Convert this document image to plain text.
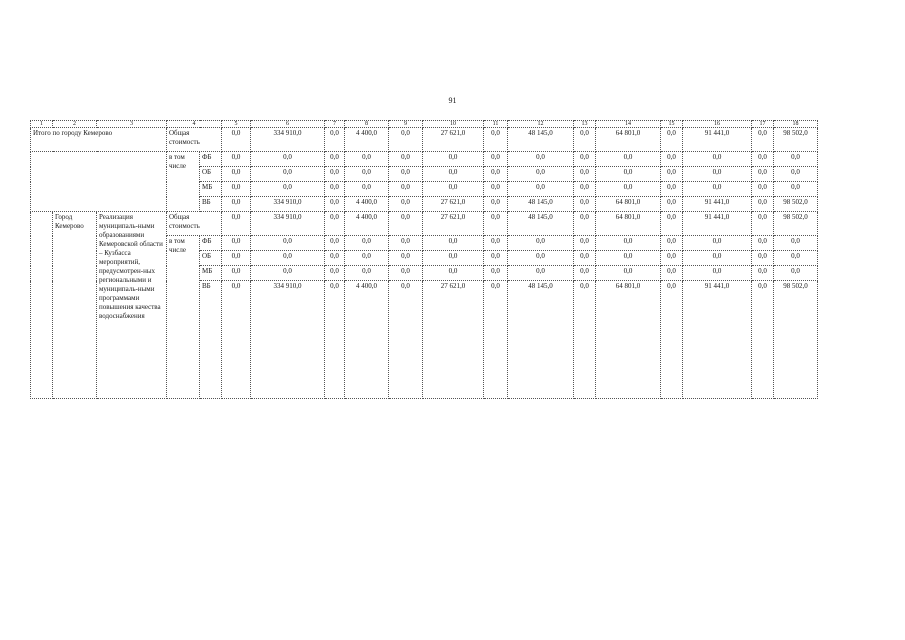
91
1	2	3	4		5	6	7	8	9	10	11	12	13	14	15	16	17	18
Итого по городу Кемерово			Общая стоимость		0,0	334 910,0	0,0	4 400,0	0,0	27 621,0	0,0	48 145,0	0,0	64 801,0	0,0	91 441,0	0,0	98 502,0
			в том числе	ФБ	0,0	0,0	0,0	0,0	0,0	0,0	0,0	0,0	0,0	0,0	0,0	0,0	0,0	0,0
				ОБ	0,0	0,0	0,0	0,0	0,0	0,0	0,0	0,0	0,0	0,0	0,0	0,0	0,0	0,0
				МБ	0,0	0,0	0,0	0,0	0,0	0,0	0,0	0,0	0,0	0,0	0,0	0,0	0,0	0,0
				ВБ	0,0	334 910,0	0,0	4 400,0	0,0	27 621,0	0,0	48 145,0	0,0	64 801,0	0,0	91 441,0	0,0	98 502,0
	Город Кемерово	Реализация муниципаль-ными образованиями Кемеровской области – Кузбасса мероприятий, предусмотрен-ных региональными и муниципаль-ными программами повышения качества водоснабжения	Общая стоимость		0,0	334 910,0	0,0	4 400,0	0,0	27 621,0	0,0	48 145,0	0,0	64 801,0	0,0	91 441,0	0,0	98 502,0
			в том числе	ФБ	0,0	0,0	0,0	0,0	0,0	0,0	0,0	0,0	0,0	0,0	0,0	0,0	0,0	0,0
				ОБ	0,0	0,0	0,0	0,0	0,0	0,0	0,0	0,0	0,0	0,0	0,0	0,0	0,0	0,0
				МБ	0,0	0,0	0,0	0,0	0,0	0,0	0,0	0,0	0,0	0,0	0,0	0,0	0,0	0,0
				ВБ	0,0	334 910,0	0,0	4 400,0	0,0	27 621,0	0,0	48 145,0	0,0	64 801,0	0,0	91 441,0	0,0	98 502,0
